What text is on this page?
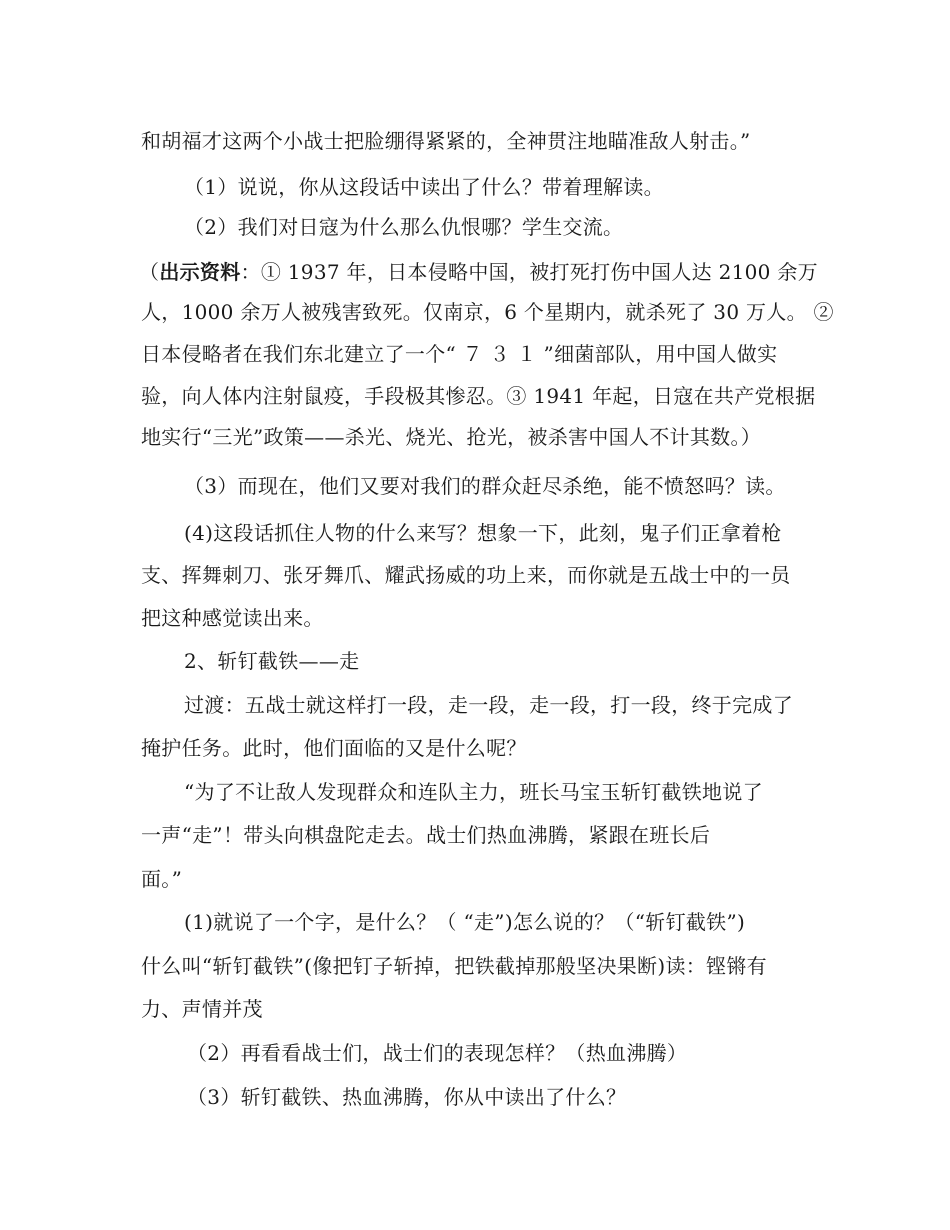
和胡福才这两个小战士把脸绷得紧紧的，全神贯注地瞄准敌人射击。”
（1）说说，你从这段话中读出了什么？带着理解读。
（2）我们对日寇为什么那么仇恨哪？学生交流。
（出示资料：① 1937 年，日本侵略中国，被打死打伤中国人达 2100 余万
人，1000 余万人被残害致死。仅南京，6 个星期内，就杀死了 30 万人。 ②
日本侵略者在我们东北建立了一个“ ７ ３ １ ”细菌部队，用中国人做实
验，向人体内注射鼠疫，手段极其惨忍。③ 1941 年起，日寇在共产党根据
地实行“三光”政策——杀光、烧光、抢光，被杀害中国人不计其数。）
（3）而现在，他们又要对我们的群众赶尽杀绝，能不愤怒吗？读。
(4)这段话抓住人物的什么来写？想象一下，此刻，鬼子们正拿着枪
支、挥舞刺刀、张牙舞爪、耀武扬威的功上来，而你就是五战士中的一员
把这种感觉读出来。
2、斩钉截铁——走
过渡：五战士就这样打一段，走一段，走一段，打一段，终于完成了
掩护任务。此时，他们面临的又是什么呢？
“为了不让敌人发现群众和连队主力，班长马宝玉斩钉截铁地说了
一声“走”！带头向棋盘陀走去。战士们热血沸腾，紧跟在班长后
面。”
(1)就说了一个字，是什么？（ “走”)怎么说的？（“斩钉截铁”)
什么叫“斩钉截铁”(像把钉子斩掉，把铁截掉那般坚决果断)读：铿锵有
力、声情并茂
（2）再看看战士们，战士们的表现怎样？（热血沸腾）
（3）斩钉截铁、热血沸腾，你从中读出了什么？
